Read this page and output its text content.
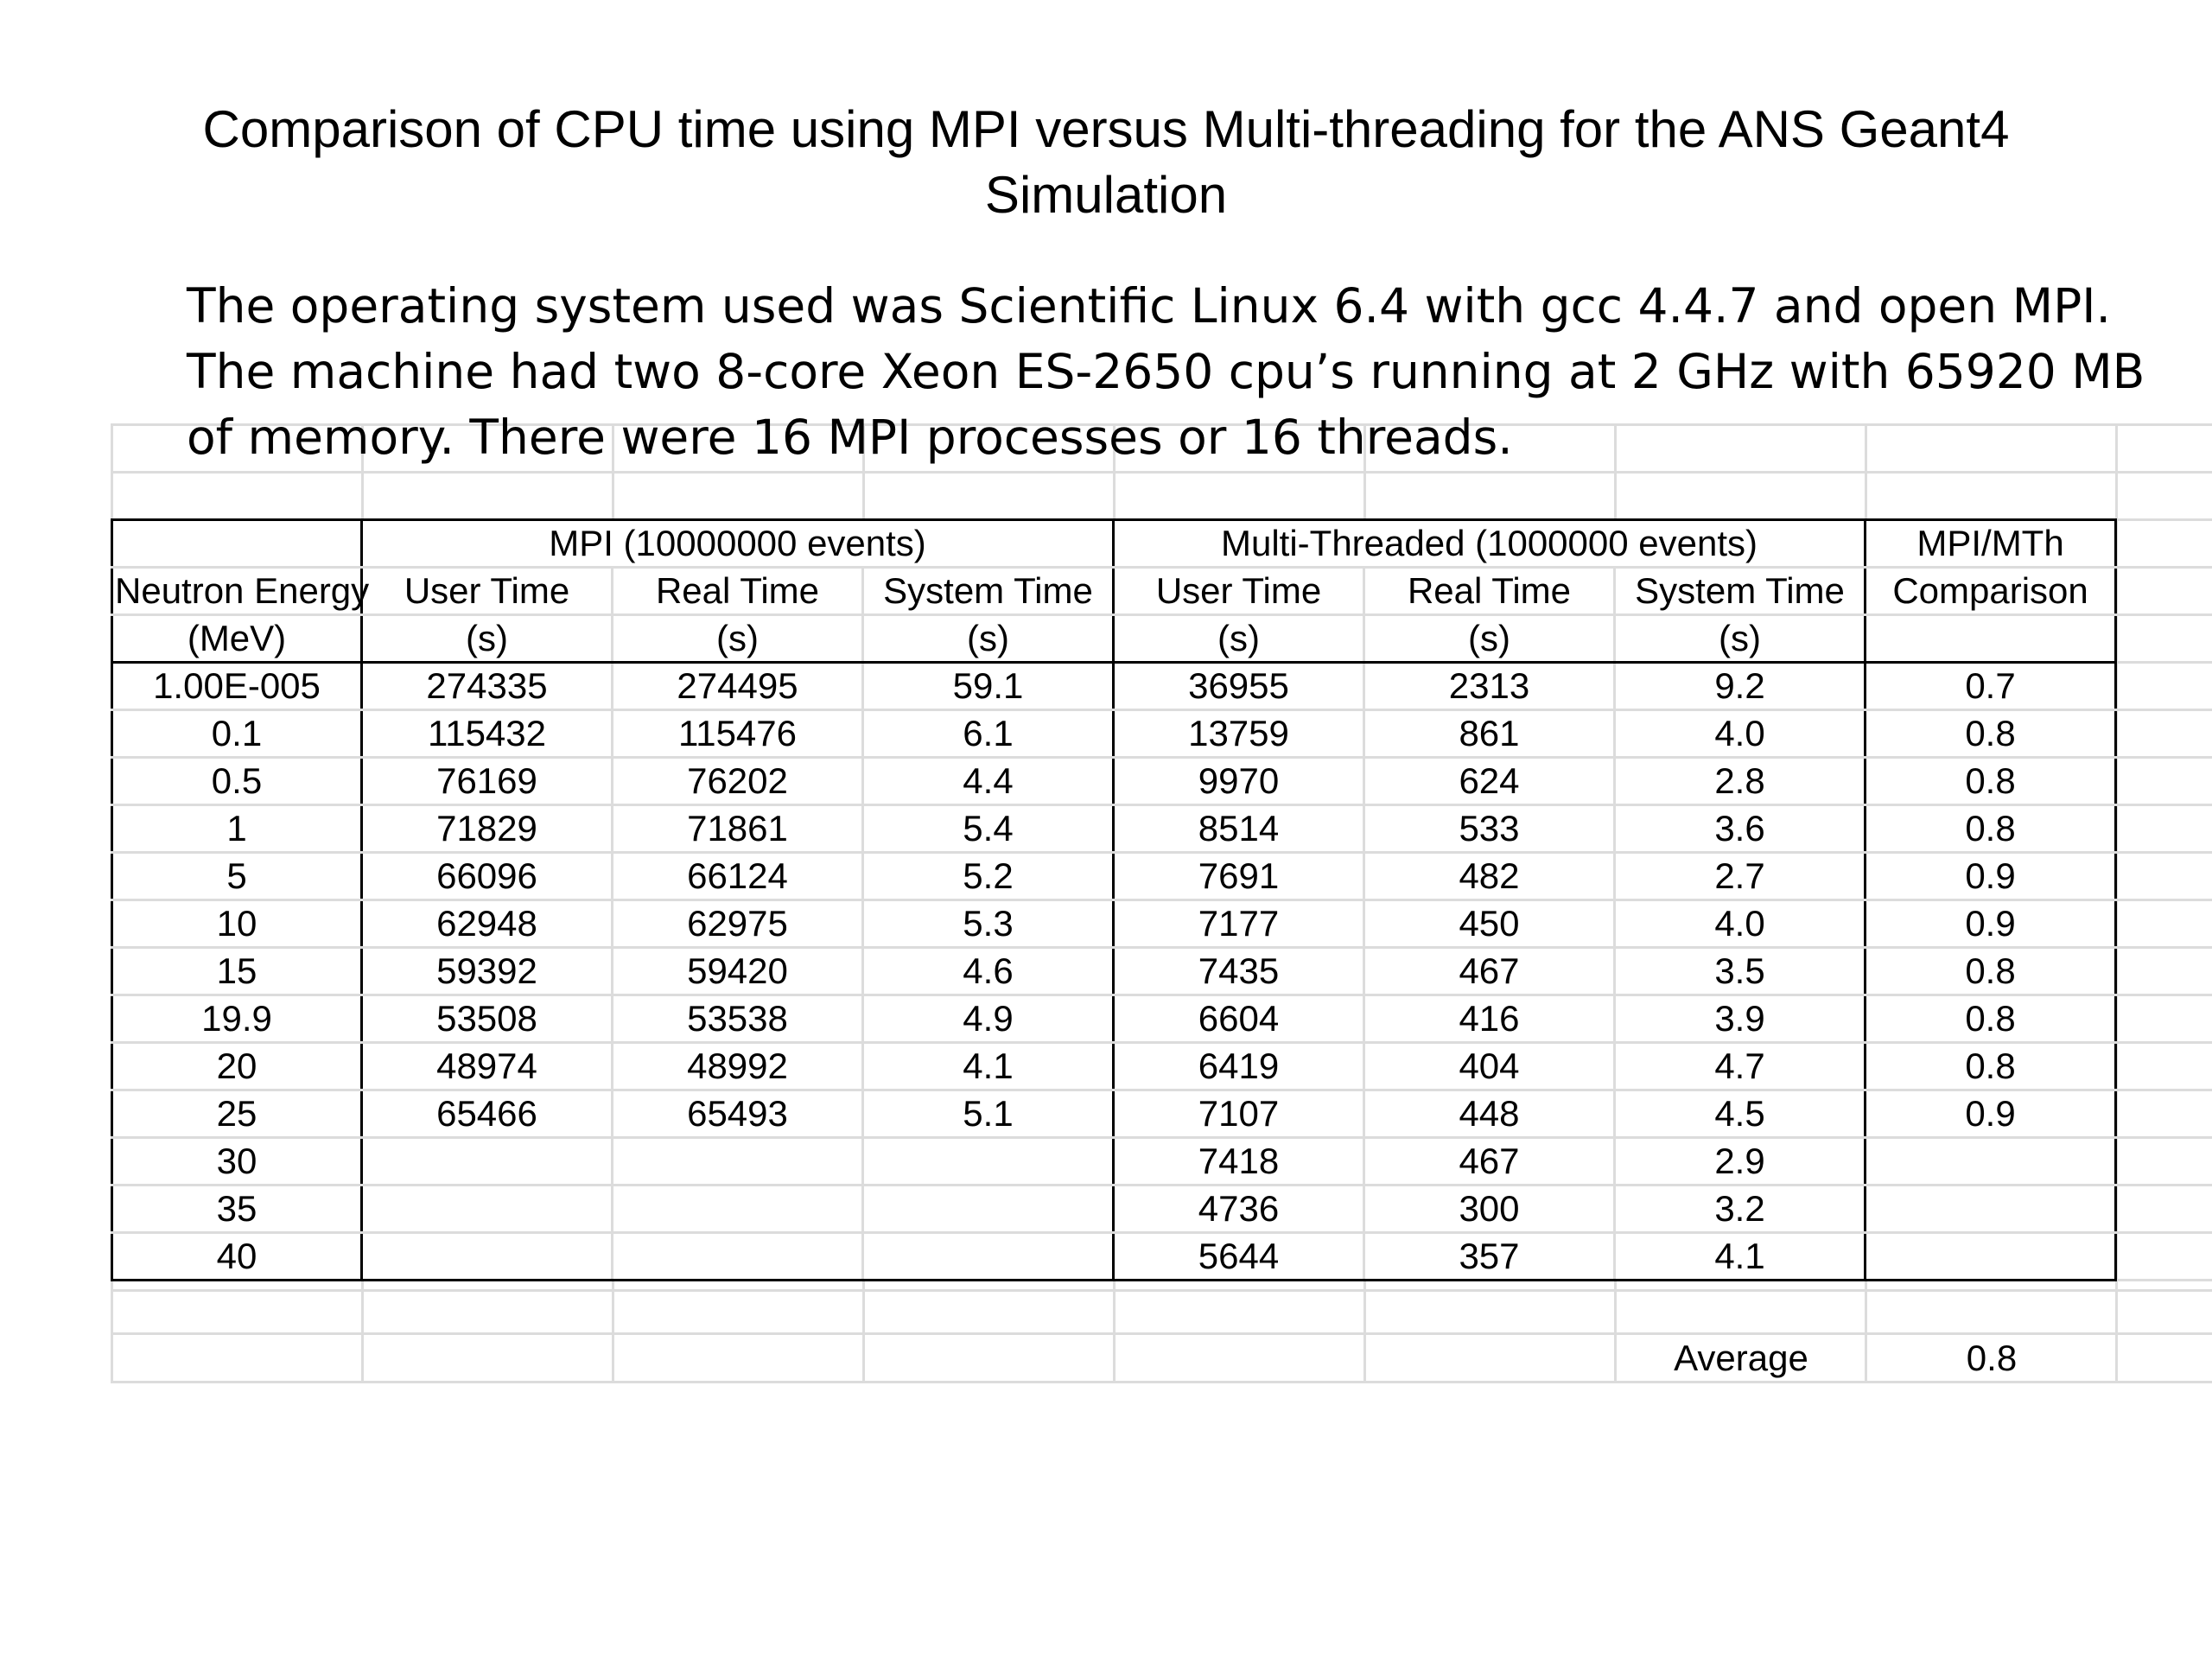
Comparison of CPU time using MPI versus Multi-threading for the ANS Geant4
Simulation

The operating system used was Scientific Linux 6.4 with gcc 4.4.7 and open MPI.

The machine had two 8-core Xeon ES-2650 cpu’s running at 2 GHz with 65920 MB

of memory. There were 16 MPI processes or 16 threads.

	MPI (10000000 events)			Multi-Threaded (1000000 events)			MPI/MTh
Neutron Energy	User Time	Real Time	System Time	User Time	Real Time	System Time	Comparison
(MeV)	(s)	(s)	(s)	(s)	(s)	(s)	
1.00E-005	274335	274495	59.1	36955	2313	9.2	0.7
0.1	115432	115476	6.1	13759	861	4.0	0.8
0.5	76169	76202	4.4	9970	624	2.8	0.8
1	71829	71861	5.4	8514	533	3.6	0.8
5	66096	66124	5.2	7691	482	2.7	0.9
10	62948	62975	5.3	7177	450	4.0	0.9
15	59392	59420	4.6	7435	467	3.5	0.8
19.9	53508	53538	4.9	6604	416	3.9	0.8
20	48974	48992	4.1	6419	404	4.7	0.8
25	65466	65493	5.1	7107	448	4.5	0.9
30				7418	467	2.9	
35				4736	300	3.2	
40				5644	357	4.1	
Average	0.8
